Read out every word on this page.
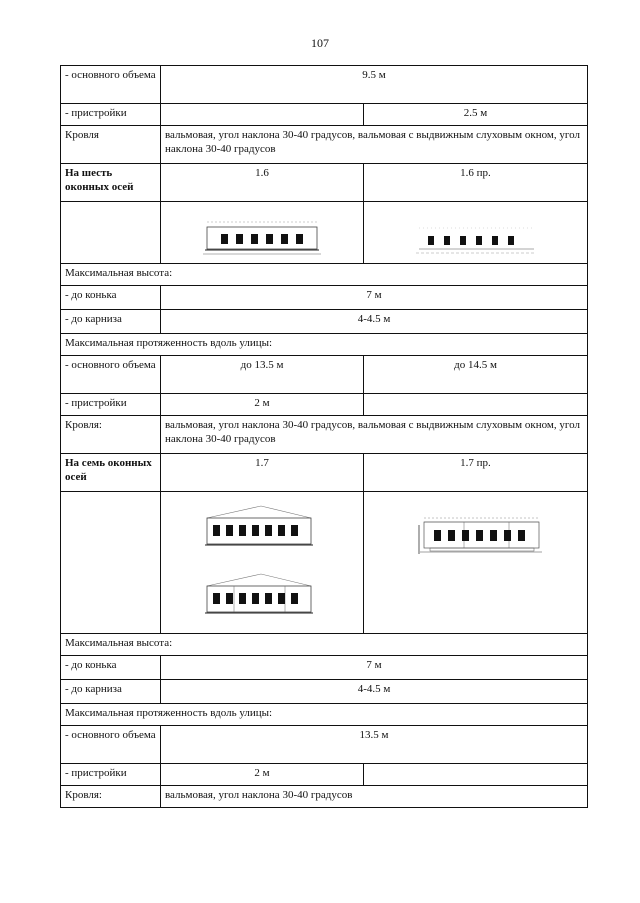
107
- основного объема	9.5 м	
- пристройки		2.5 м
Кровля	вальмовая, угол наклона 30-40 градусов, вальмовая с выдвижным слуховым окном, угол наклона 30-40 градусов	
На шесть оконных осей	1.6	1.6 пр.

Максимальная высота:		
- до конька	7 м	
- до карниза	4-4.5 м	
Максимальная протяженность вдоль улицы:		
- основного объема	до 13.5 м	до 14.5 м
- пристройки	2 м	
Кровля:	вальмовая, угол наклона 30-40 градусов, вальмовая с выдвижным слуховым окном, угол наклона 30-40 градусов	
На семь оконных осей	1.7	1.7 пр.

Максимальная высота:		
- до конька	7 м	
- до карниза	4-4.5 м	
Максимальная протяженность вдоль улицы:		
- основного объема	13.5 м	
- пристройки	2 м	
Кровля:	вальмовая, угол наклона 30-40 градусов	
